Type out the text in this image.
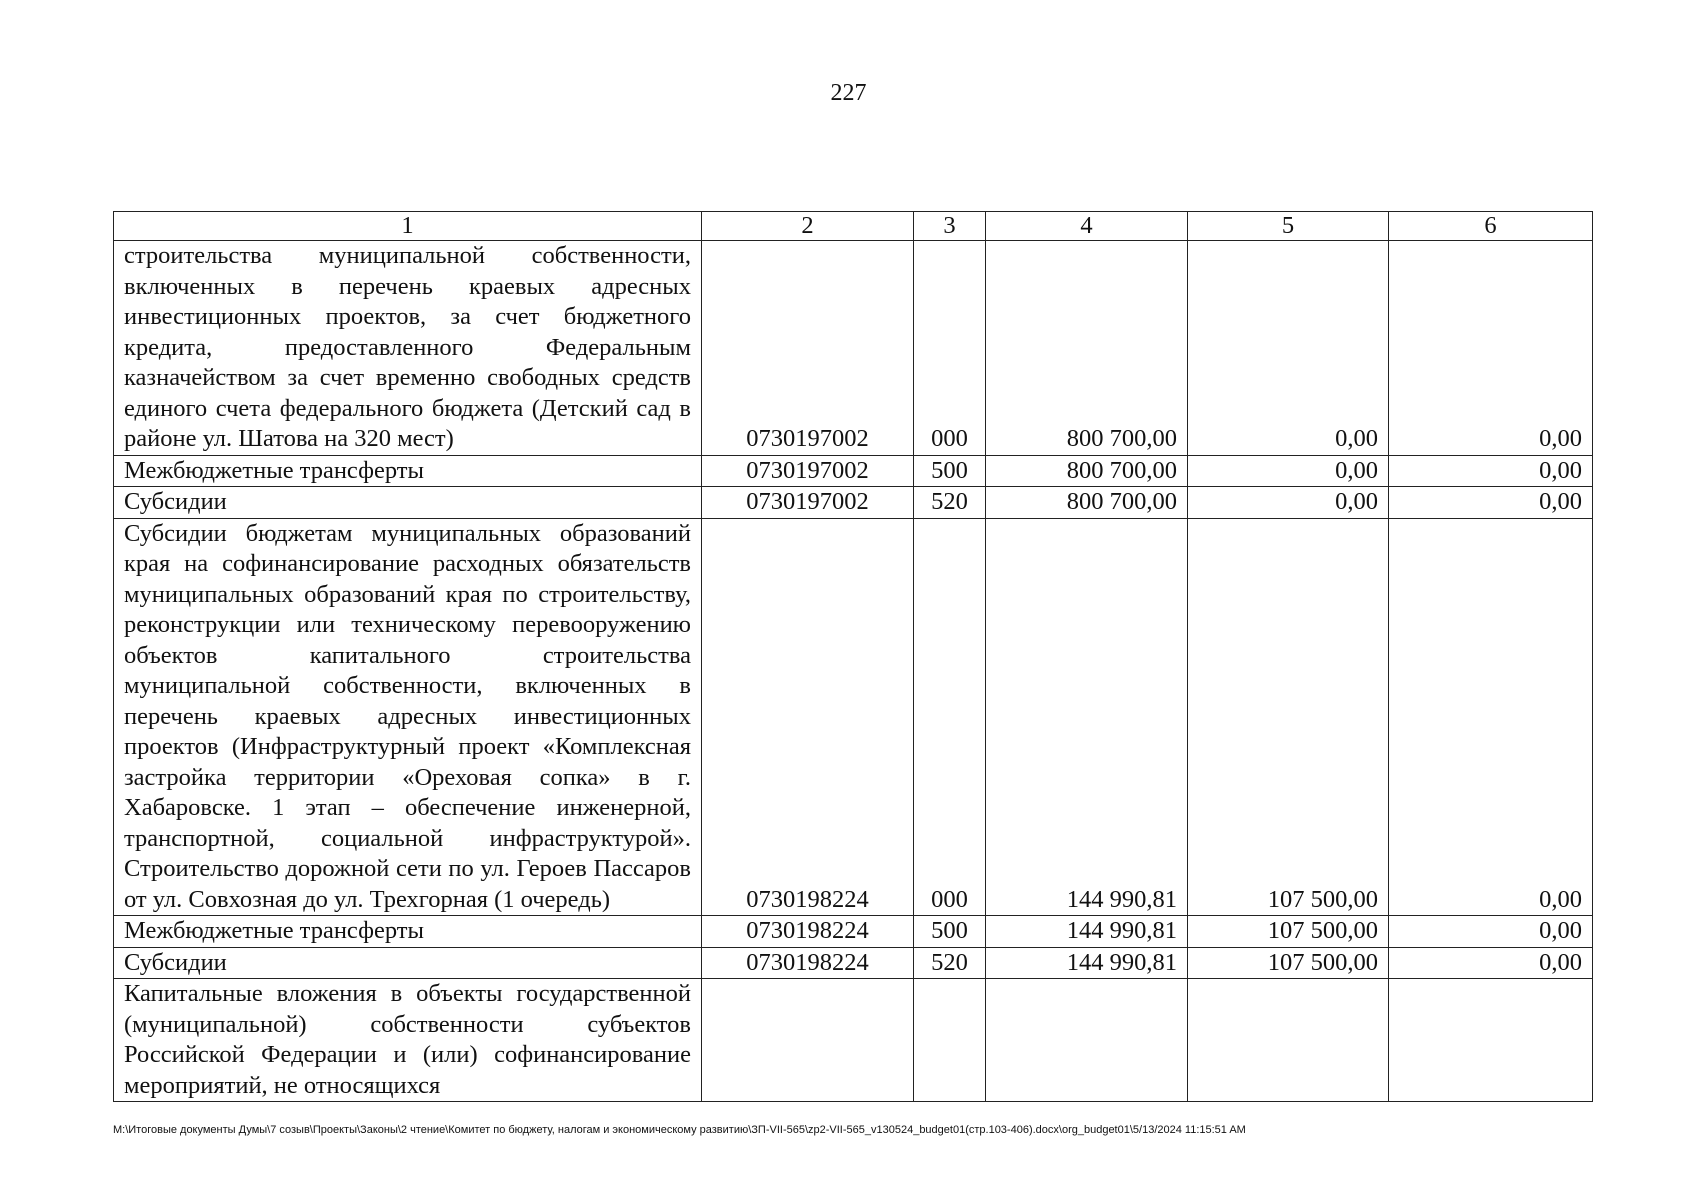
227
1	2	3	4	5	6
строительства муниципальной собственности, включенных в перечень краевых адресных инвестиционных проектов, за счет бюджетного кредита, предоставленного Федеральным казначейством за счет временно свободных средств единого счета федерального бюджета (Детский сад в районе ул. Шатова на 320 мест)	0730197002	000	800 700,00	0,00	0,00
Межбюджетные трансферты	0730197002	500	800 700,00	0,00	0,00
Субсидии	0730197002	520	800 700,00	0,00	0,00
Субсидии бюджетам муниципальных образований края на софинансирование расходных обязательств муниципальных образований края по строительству, реконструкции или техническому перевооружению объектов капитального строительства муниципальной собственности, включенных в перечень краевых адресных инвестиционных проектов (Инфраструктурный проект «Комплексная застройка территории «Ореховая сопка» в г. Хабаровске. 1 этап – обеспечение инженерной, транспортной, социальной инфраструктурой». Строительство дорожной сети по ул. Героев Пассаров от ул. Совхозная до ул. Трехгорная (1 очередь)	0730198224	000	144 990,81	107 500,00	0,00
Межбюджетные трансферты	0730198224	500	144 990,81	107 500,00	0,00
Субсидии	0730198224	520	144 990,81	107 500,00	0,00
Капитальные вложения в объекты государственной (муниципальной) собственности субъектов Российской Федерации и (или) софинансирование мероприятий, не относящихся					
М:\Итоговые документы Думы\7 созыв\Проекты\Законы\2 чтение\Комитет по бюджету, налогам и экономическому развитию\ЗП-VII-565\zp2-VII-565_v130524_budget01(стр.103-406).docx\org_budget01\5/13/2024 11:15:51 AM
